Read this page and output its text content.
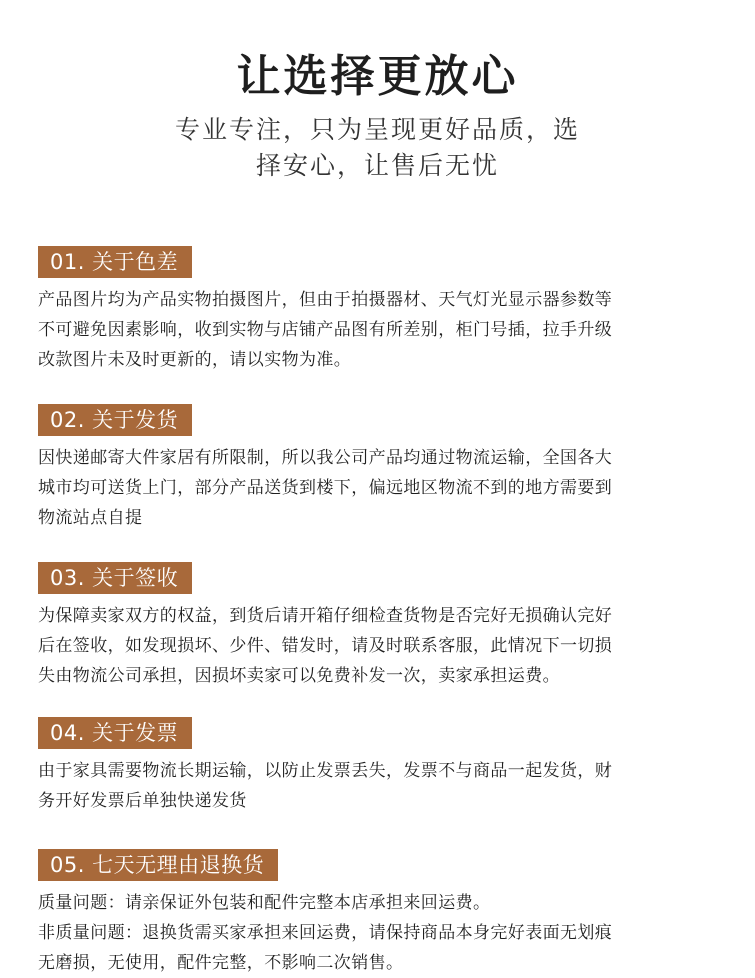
让选择更放心
专业专注，只为呈现更好品质，选
择安心，让售后无忧
01. 关于色差
产品图片均为产品实物拍摄图片，但由于拍摄器材、天气灯光显示器参数等
不可避免因素影响，收到实物与店铺产品图有所差别，柜门号插，拉手升级
改款图片未及时更新的，请以实物为准。
02. 关于发货
因快递邮寄大件家居有所限制，所以我公司产品均通过物流运输，全国各大
城市均可送货上门，部分产品送货到楼下，偏远地区物流不到的地方需要到
物流站点自提
03. 关于签收
为保障卖家双方的权益，到货后请开箱仔细检查货物是否完好无损确认完好
后在签收，如发现损坏、少件、错发时，请及时联系客服，此情况下一切损
失由物流公司承担，因损坏卖家可以免费补发一次，卖家承担运费。
04. 关于发票
由于家具需要物流长期运输，以防止发票丢失，发票不与商品一起发货，财
务开好发票后单独快递发货
05. 七天无理由退换货
质量问题：请亲保证外包装和配件完整本店承担来回运费。
非质量问题：退换货需买家承担来回运费，请保持商品本身完好表面无划痕
无磨损，无使用，配件完整，不影响二次销售。
